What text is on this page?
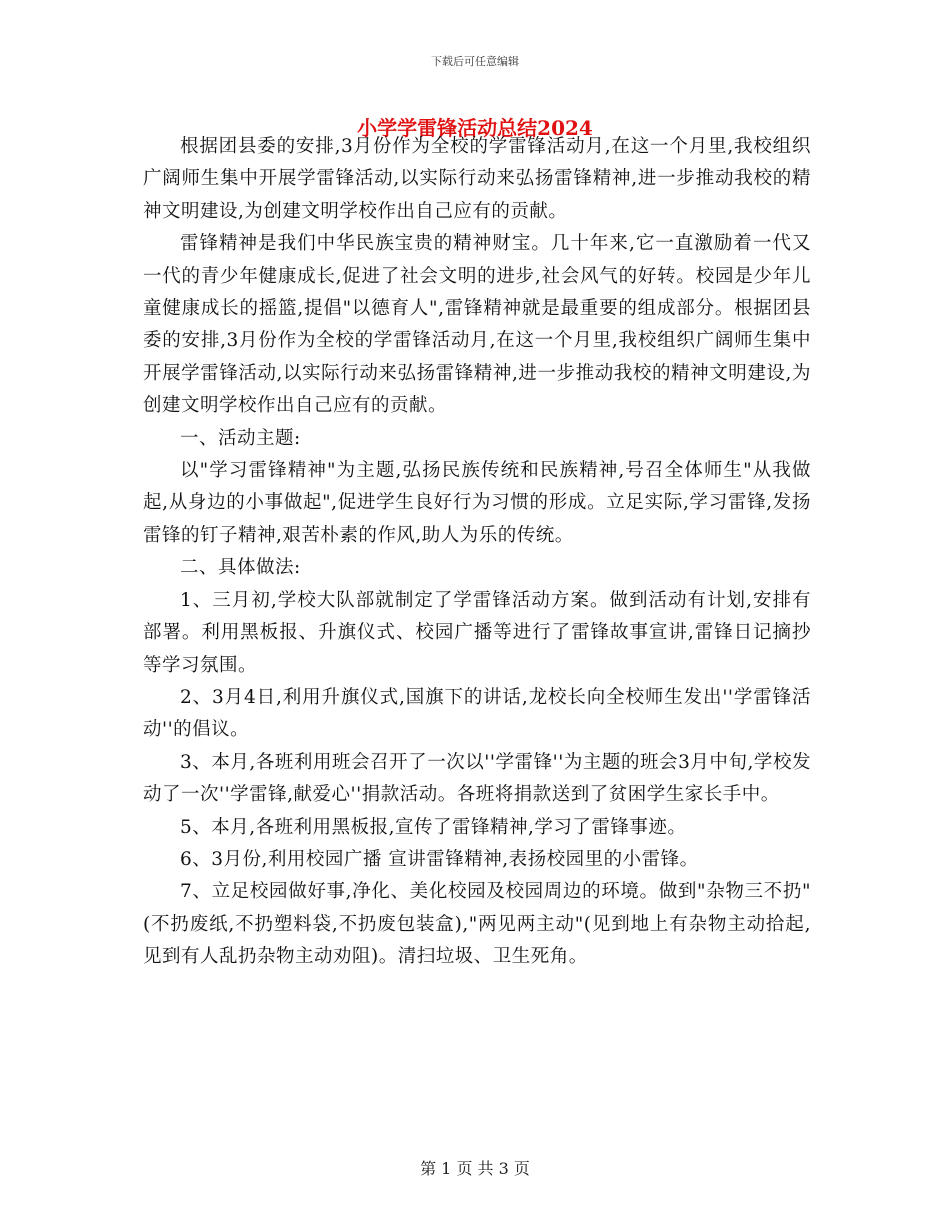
下载后可任意编辑
小学学雷锋活动总结2024

根据团县委的安排,3月份作为全校的学雷锋活动月,在这一个月里,我校组织广阔师生集中开展学雷锋活动,以实际行动来弘扬雷锋精神,进一步推动我校的精神文明建设,为创建文明学校作出自己应有的贡献。

雷锋精神是我们中华民族宝贵的精神财宝。几十年来,它一直激励着一代又一代的青少年健康成长,促进了社会文明的进步,社会风气的好转。校园是少年儿童健康成长的摇篮,提倡"以德育人",雷锋精神就是最重要的组成部分。根据团县委的安排,3月份作为全校的学雷锋活动月,在这一个月里,我校组织广阔师生集中开展学雷锋活动,以实际行动来弘扬雷锋精神,进一步推动我校的精神文明建设,为创建文明学校作出自己应有的贡献。

一、活动主题:

以"学习雷锋精神"为主题,弘扬民族传统和民族精神,号召全体师生"从我做起,从身边的小事做起",促进学生良好行为习惯的形成。立足实际,学习雷锋,发扬雷锋的钉子精神,艰苦朴素的作风,助人为乐的传统。

二、具体做法:

1、三月初,学校大队部就制定了学雷锋活动方案。做到活动有计划,安排有部署。利用黑板报、升旗仪式、校园广播等进行了雷锋故事宣讲,雷锋日记摘抄等学习氛围。

2、3月4日,利用升旗仪式,国旗下的讲话,龙校长向全校师生发出''学雷锋活动''的倡议。

3、本月,各班利用班会召开了一次以''学雷锋''为主题的班会3月中旬,学校发动了一次''学雷锋,献爱心''捐款活动。各班将捐款送到了贫困学生家长手中。

5、本月,各班利用黑板报,宣传了雷锋精神,学习了雷锋事迹。

6、3月份,利用校园广播 宣讲雷锋精神,表扬校园里的小雷锋。

7、立足校园做好事,净化、美化校园及校园周边的环境。做到"杂物三不扔"(不扔废纸,不扔塑料袋,不扔废包装盒),"两见两主动"(见到地上有杂物主动拾起,见到有人乱扔杂物主动劝阻)。清扫垃圾、卫生死角。

第 1 页 共 3 页
